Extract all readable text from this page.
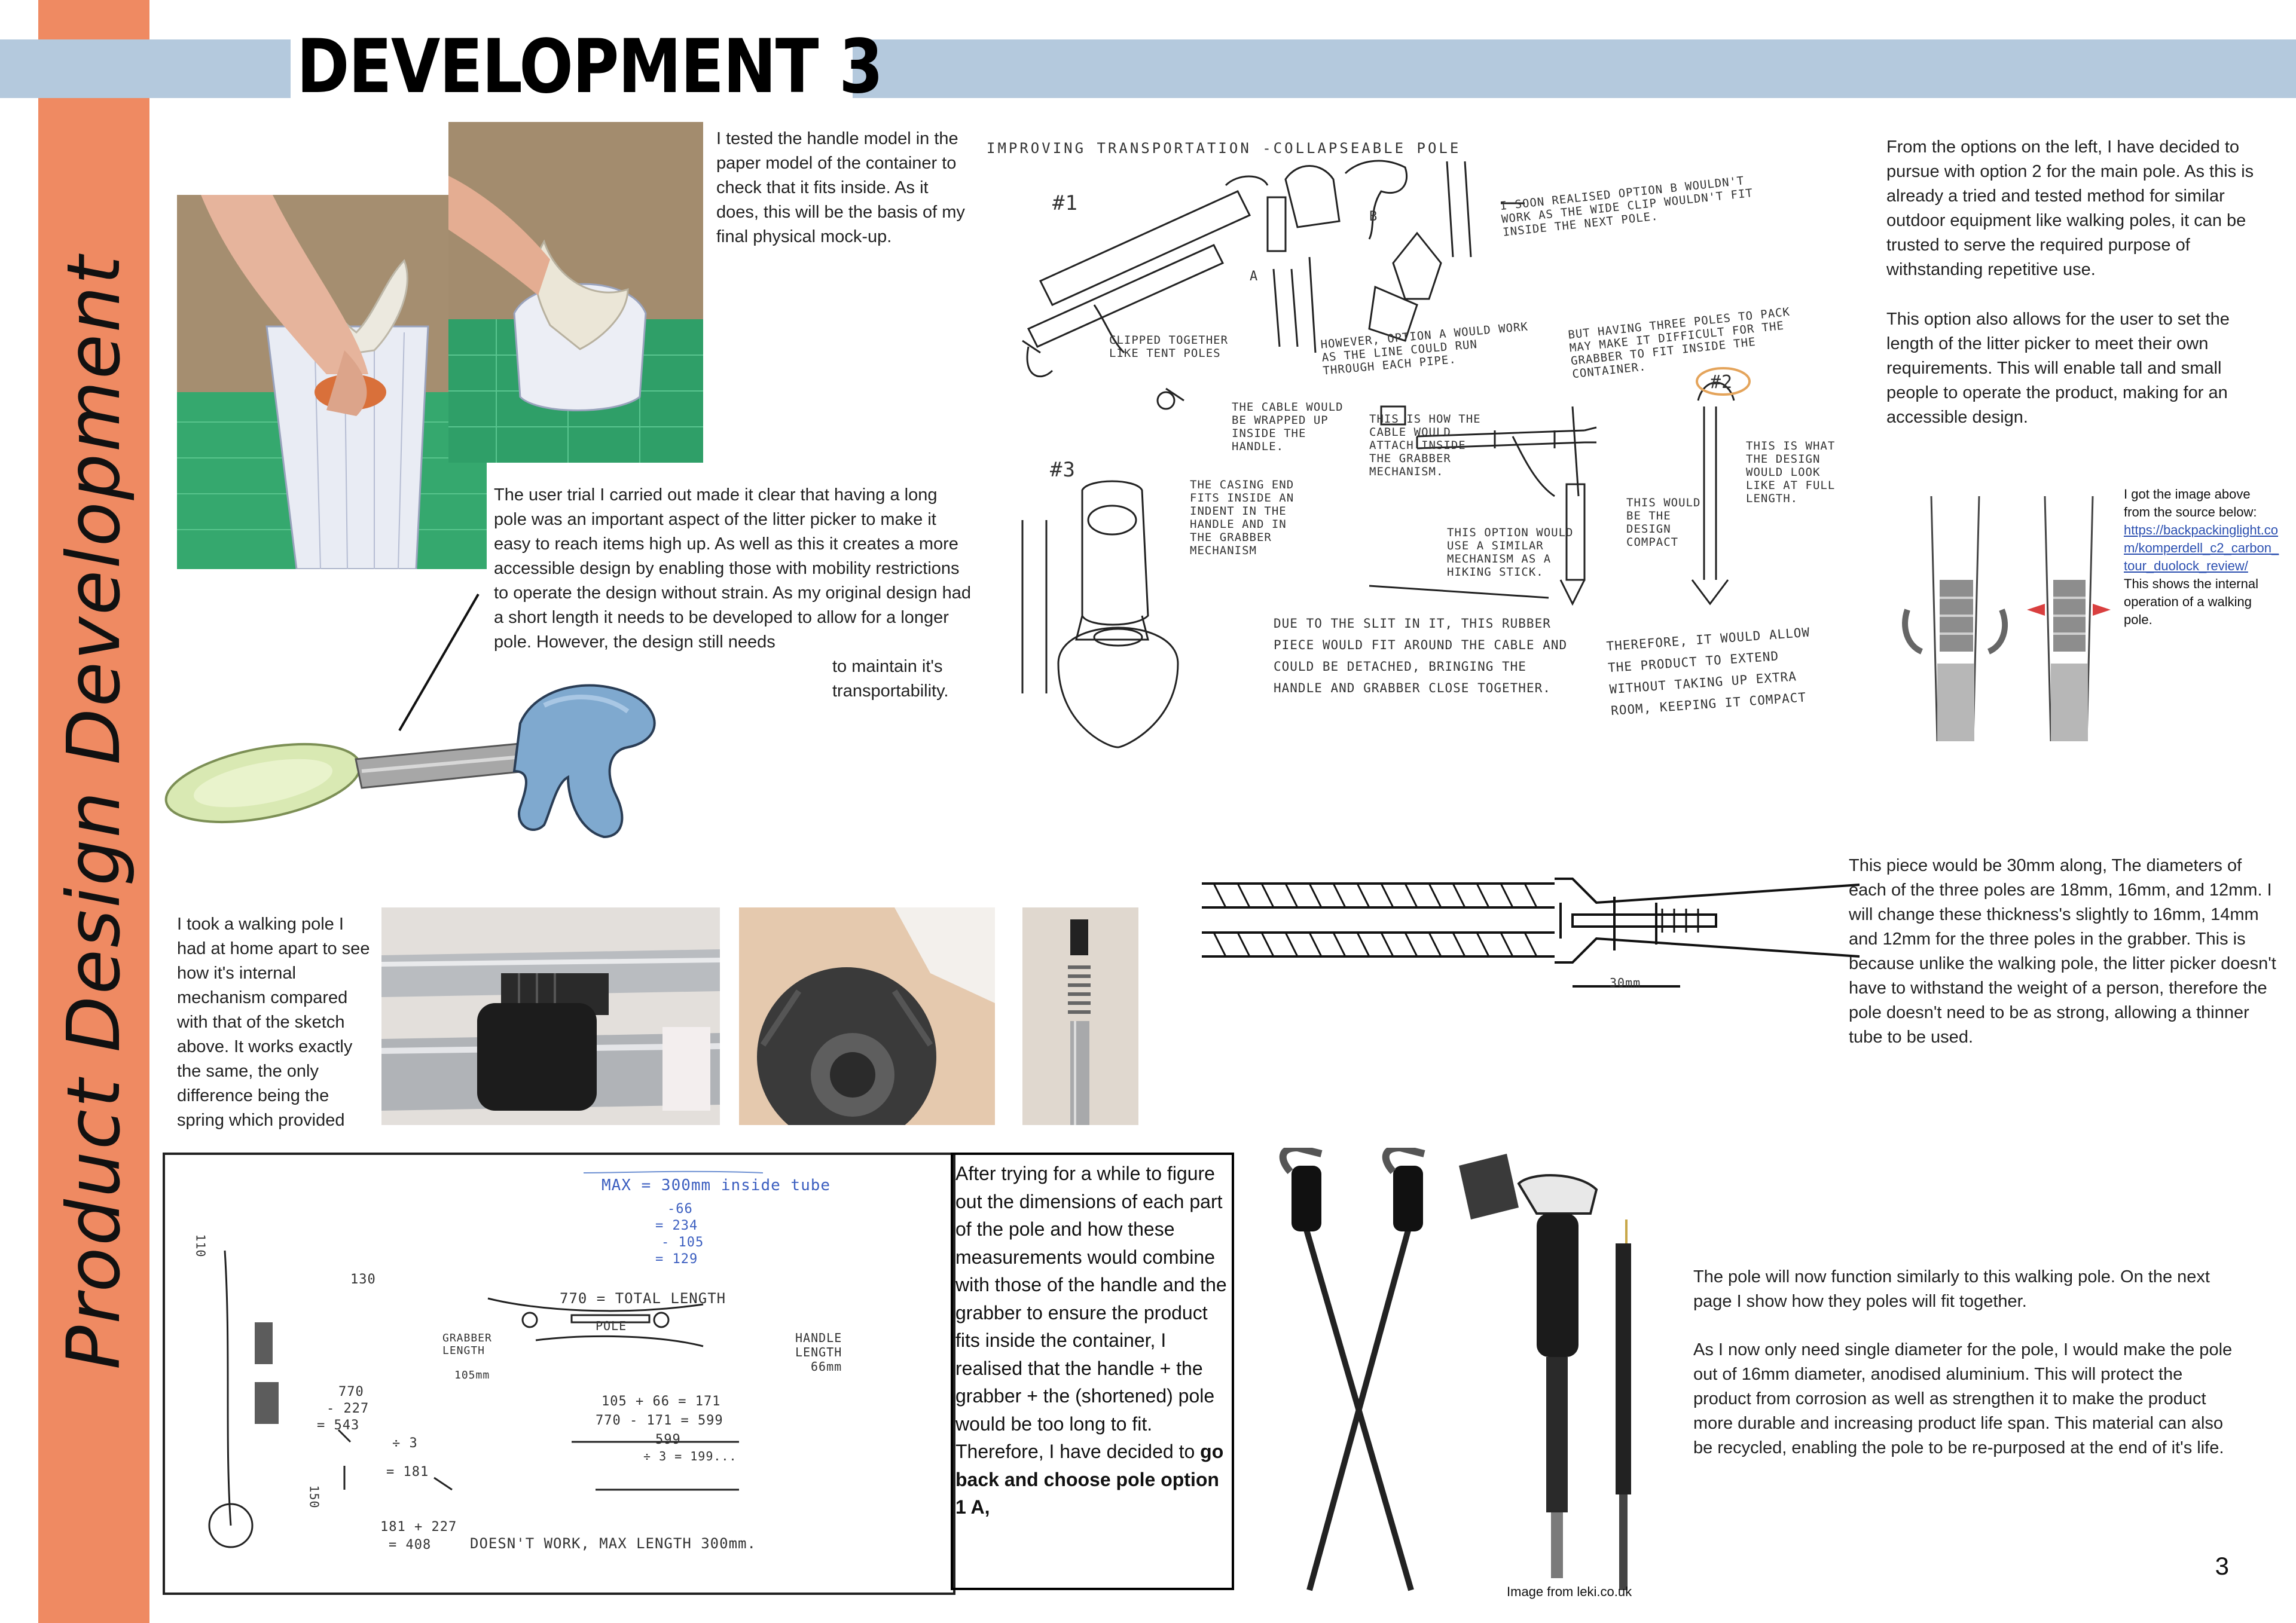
Product Design Development
DEVELOPMENT 3
I tested the handle model in the paper model of the container to check that it fits inside. As it does, this will be the basis of my final physical mock-up.
The user trial I carried out made it clear that having a long pole was an important aspect of the litter picker to make it easy to reach items high up. As well as this it creates a more accessible design by enabling those with mobility restrictions to operate the design without strain. As my original design had a short length it needs to be developed to allow for a longer pole. However, the design still needs
to maintain it's
transportability.
IMPROVING TRANSPORTATION -COLLAPSEABLE POLE
#1
CLIPPED TOGETHER LIKE TENT POLES
A
B
I SOON REALISED OPTION B WOULDN'T WORK AS THE WIDE CLIP WOULDN'T FIT INSIDE THE NEXT POLE.
HOWEVER, OPTION A WOULD WORK AS THE LINE COULD RUN THROUGH EACH PIPE.
BUT HAVING THREE POLES TO PACK MAY MAKE IT DIFFICULT FOR THE GRABBER TO FIT INSIDE THE CONTAINER.
#2
#3
THE CABLE WOULD BE WRAPPED UP INSIDE THE HANDLE.
THIS IS HOW THE CABLE WOULD ATTACH INSIDE THE GRABBER MECHANISM.
THE CASING END FITS INSIDE AN INDENT IN THE HANDLE AND IN THE GRABBER MECHANISM
THIS OPTION WOULD USE A SIMILAR MECHANISM AS A HIKING STICK.
THIS WOULD BE THE DESIGN COMPACT
THIS IS WHAT THE DESIGN WOULD LOOK LIKE AT FULL LENGTH.
DUE TO THE SLIT IN IT, THIS RUBBER PIECE WOULD FIT AROUND THE CABLE AND COULD BE DETACHED, BRINGING THE HANDLE AND GRABBER CLOSE TOGETHER.
THEREFORE, IT WOULD ALLOW THE PRODUCT TO EXTEND WITHOUT TAKING UP EXTRA ROOM, KEEPING IT COMPACT
From the options on the left, I have decided to pursue with option 2 for the main pole. As this is already a tried and tested method for similar outdoor equipment like walking poles, it can be trusted to serve the required purpose of withstanding repetitive use.
This option also allows for the user to set the length of the litter picker to meet their own requirements. This will enable tall and small people to operate the product, making for an accessible design.
I got the image above from the source below:
https://backpackinglight.com/komperdell_c2_carbon_tour_duolock_review/
This shows the internal operation of a walking pole.
I took a walking pole I had at home apart to see how it's internal mechanism compared with that of the sketch above. It works exactly the same, the only difference being the spring which provided
30mm
This piece would be 30mm along, The diameters of each of the three poles are 18mm, 16mm, and 12mm. I will change these thickness's slightly to 16mm, 14mm and 12mm for the three poles in the grabber. This is because unlike the walking pole, the litter picker doesn't have to withstand the weight of a person, therefore the pole doesn't need to be as strong, allowing a thinner tube to be used.
MAX = 300mm inside tube
-66
= 234
- 105
= 129
770 = TOTAL LENGTH
POLE
GRABBER LENGTH
105mm
HANDLE LENGTH
66mm
105 + 66 = 171
770 - 171 = 599
599
÷ 3 = 199...
770
- 227
= 543
÷ 3
= 181
181 + 227
= 408	DOESN'T WORK, MAX LENGTH 300mm.
130
110
150
After trying for a while to figure out the dimensions of each part of the pole and how these measurements would combine with those of the handle and the grabber to ensure the product fits inside the container, I realised that the handle + the grabber + the (shortened) pole would be too long to fit. Therefore, I have decided to go back and choose pole option 1 A,
Image from leki.co.uk
The pole will now function similarly to this walking pole. On the next page I show how they poles will fit together.
As I now only need single diameter for the pole, I would make the pole out of 16mm diameter, anodised aluminium. This will protect the product from corrosion as well as strengthen it to make the product more durable and increasing product life span. This material can also be recycled, enabling the pole to be re-purposed at the end of it's life.
3
